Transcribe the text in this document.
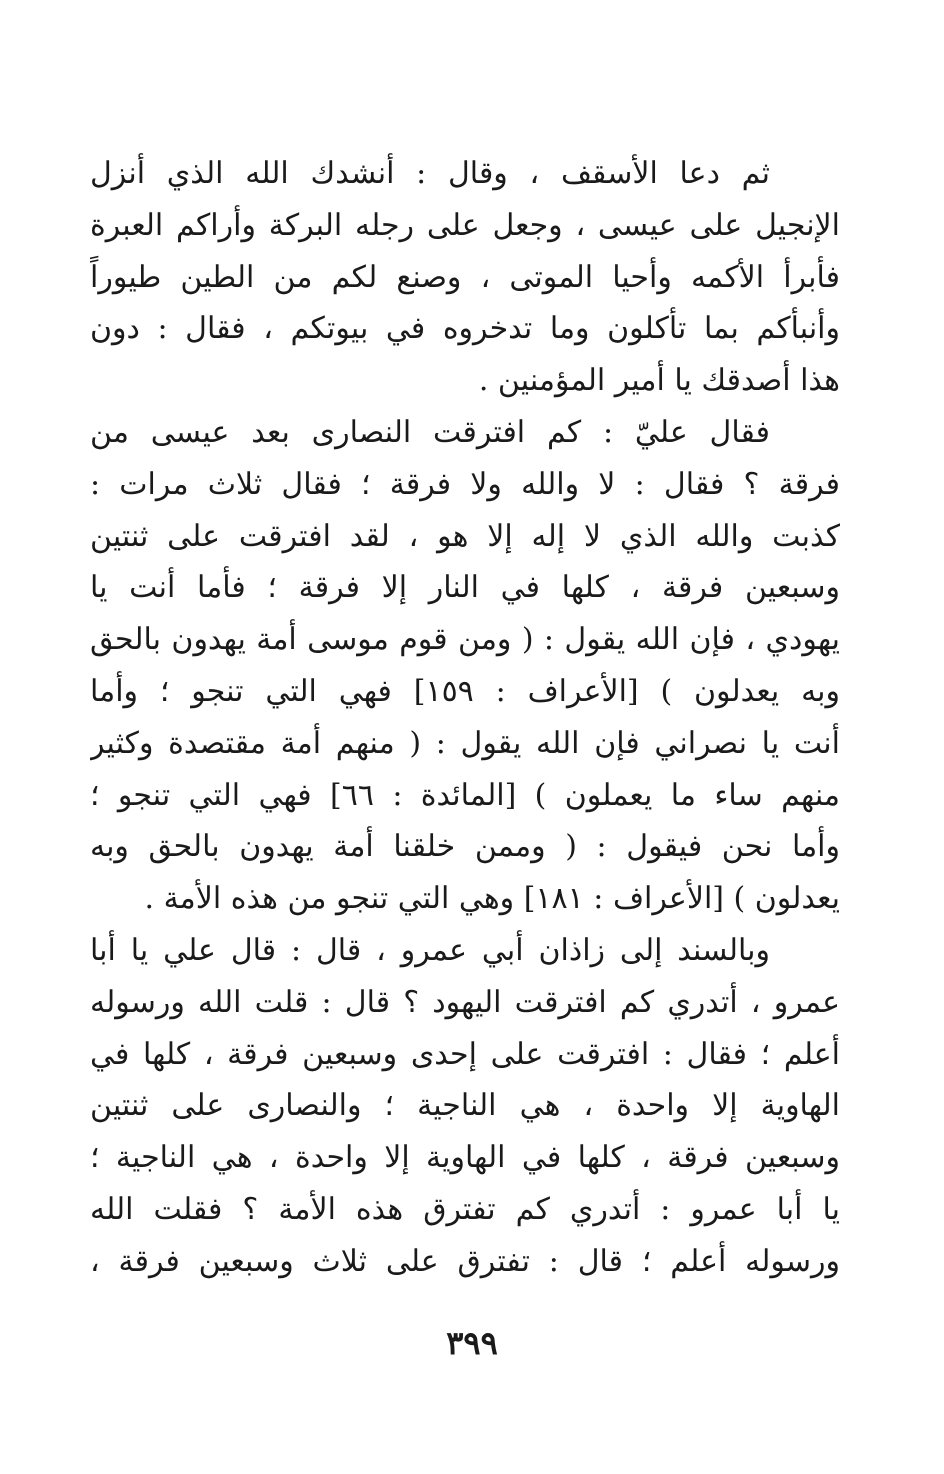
ثم دعا الأسقف ، وقال : أنشدك الله الذي أنزل
الإنجيل على عيسى ، وجعل على رجله البركة وأراكم العبرة
فأبرأ الأكمه وأحيا الموتى ، وصنع لكم من الطين طيوراً
وأنبأكم بما تأكلون وما تدخروه في بيوتكم ، فقال : دون
هذا أصدقك يا أمير المؤمنين .
فقال عليّ : كم افترقت النصارى بعد عيسى من
فرقة ؟ فقال : لا والله ولا فرقة ؛ فقال ثلاث مرات :
كذبت والله الذي لا إله إلا هو ، لقد افترقت على ثنتين
وسبعين فرقة ، كلها في النار إلا فرقة ؛ فأما أنت يا
يهودي ، فإن الله يقول : ( ومن قوم موسى أمة يهدون بالحق
وبه يعدلون ) [الأعراف : ١٥٩] فهي التي تنجو ؛ وأما
أنت يا نصراني فإن الله يقول : ( منهم أمة مقتصدة وكثير
منهم ساء ما يعملون ) [المائدة : ٦٦] فهي التي تنجو ؛
وأما نحن فيقول : ( وممن خلقنا أمة يهدون بالحق وبه
يعدلون ) [الأعراف : ١٨١] وهي التي تنجو من هذه الأمة .
وبالسند إلى زاذان أبي عمرو ، قال : قال علي يا أبا
عمرو ، أتدري كم افترقت اليهود ؟ قال : قلت الله ورسوله
أعلم ؛ فقال : افترقت على إحدى وسبعين فرقة ، كلها في
الهاوية إلا واحدة ، هي الناجية ؛ والنصارى على ثنتين
وسبعين فرقة ، كلها في الهاوية إلا واحدة ، هي الناجية ؛
يا أبا عمرو : أتدري كم تفترق هذه الأمة ؟ فقلت الله
ورسوله أعلم ؛ قال : تفترق على ثلاث وسبعين فرقة ،
٣٩٩
